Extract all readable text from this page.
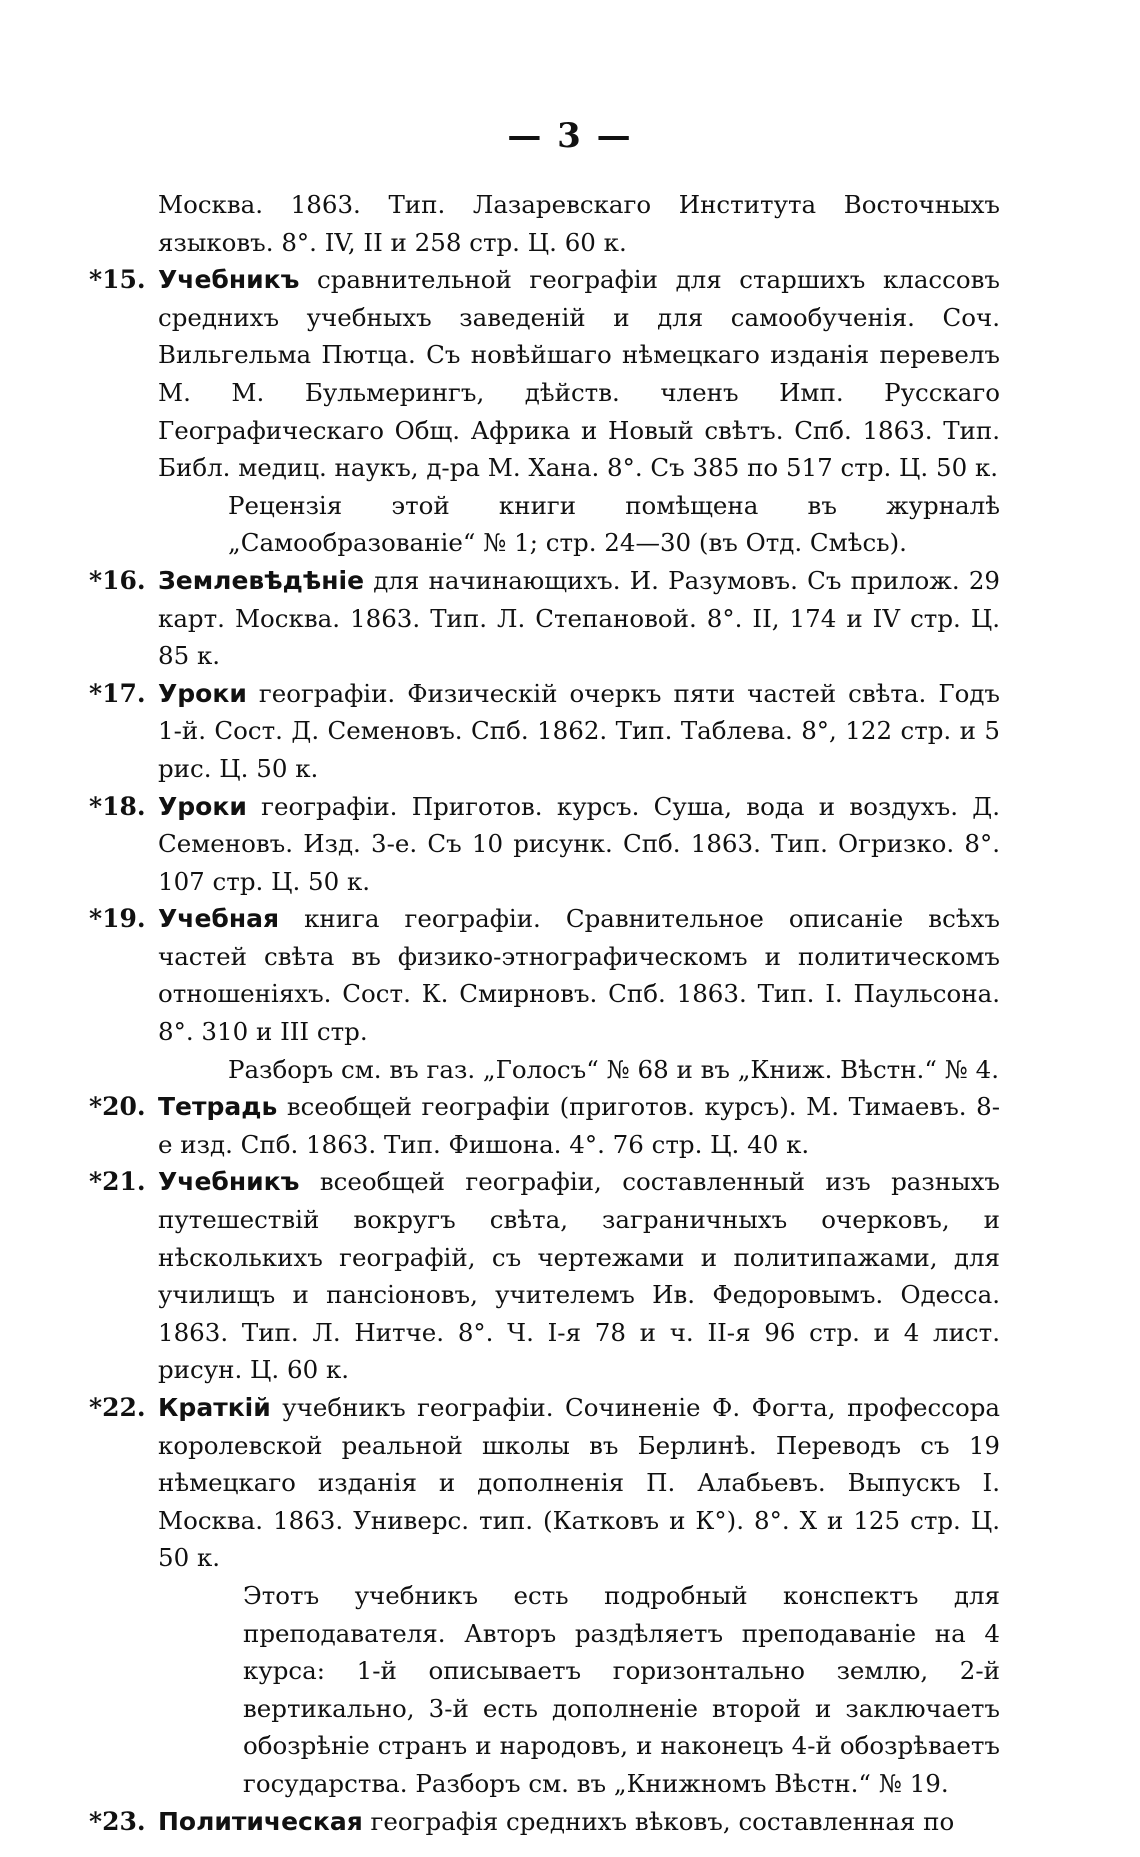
— 3 —
Москва. 1863. Тип. Лазаревскаго Института Восточныхъ языковъ. 8°. IV, II и 258 стр. Ц. 60 к.
*15. Учебникъ сравнительной географіи для старшихъ классовъ среднихъ учебныхъ заведеній и для самообученія. Соч. Вильгельма Пютца. Съ новѣйшаго нѣмецкаго изданія перевелъ М. М. Бульмерингъ, дѣйств. членъ Имп. Русскаго Географическаго Общ. Африка и Новый свѣтъ. Спб. 1863. Тип. Библ. медиц. наукъ, д-ра М. Хана. 8°. Съ 385 по 517 стр. Ц. 50 к.
Рецензія этой книги помѣщена въ журналѣ „Самообразованіе“ № 1; стр. 24—30 (въ Отд. Смѣсь).
*16. Землевѣдѣніе для начинающихъ. И. Разумовъ. Съ прилож. 29 карт. Москва. 1863. Тип. Л. Степановой. 8°. II, 174 и IV стр. Ц. 85 к.
*17. Уроки географіи. Физическій очеркъ пяти частей свѣта. Годъ 1-й. Сост. Д. Семеновъ. Спб. 1862. Тип. Таблева. 8°, 122 стр. и 5 рис. Ц. 50 к.
*18. Уроки географіи. Приготов. курсъ. Суша, вода и воздухъ. Д. Семеновъ. Изд. 3-е. Съ 10 рисунк. Спб. 1863. Тип. Огризко. 8°. 107 стр. Ц. 50 к.
*19. Учебная книга географіи. Сравнительное описаніе всѣхъ частей свѣта въ физико-этнографическомъ и политическомъ отношеніяхъ. Сост. К. Смирновъ. Спб. 1863. Тип. І. Паульсона. 8°. 310 и III стр.
Разборъ см. въ газ. „Голосъ“ № 68 и въ „Книж. Вѣстн.“ № 4.
*20. Тетрадь всеобщей географіи (приготов. курсъ). М. Тимаевъ. 8-е изд. Спб. 1863. Тип. Фишона. 4°. 76 стр. Ц. 40 к.
*21. Учебникъ всеобщей географіи, составленный изъ разныхъ путешествій вокругъ свѣта, заграничныхъ очерковъ, и нѣсколькихъ географій, съ чертежами и политипажами, для училищъ и пансіоновъ, учителемъ Ив. Федоровымъ. Одесса. 1863. Тип. Л. Нитче. 8°. Ч. I-я 78 и ч. II-я 96 стр. и 4 лист. рисун. Ц. 60 к.
*22. Краткій учебникъ географіи. Сочиненіе Ф. Фогта, профессора королевской реальной школы въ Берлинѣ. Переводъ съ 19 нѣмецкаго изданія и дополненія П. Алабьевъ. Выпускъ I. Москва. 1863. Универс. тип. (Катковъ и К°). 8°. X и 125 стр. Ц. 50 к.
Этотъ учебникъ есть подробный конспектъ для преподавателя. Авторъ раздѣляетъ преподаваніе на 4 курса: 1-й описываетъ горизонтально землю, 2-й вертикально, 3-й есть дополненіе второй и заключаетъ обозрѣніе странъ и народовъ, и наконецъ 4-й обозрѣваетъ государства. Разборъ см. въ „Книжномъ Вѣстн.“ № 19.
*23. Политическая географія среднихъ вѣковъ, составленная по
